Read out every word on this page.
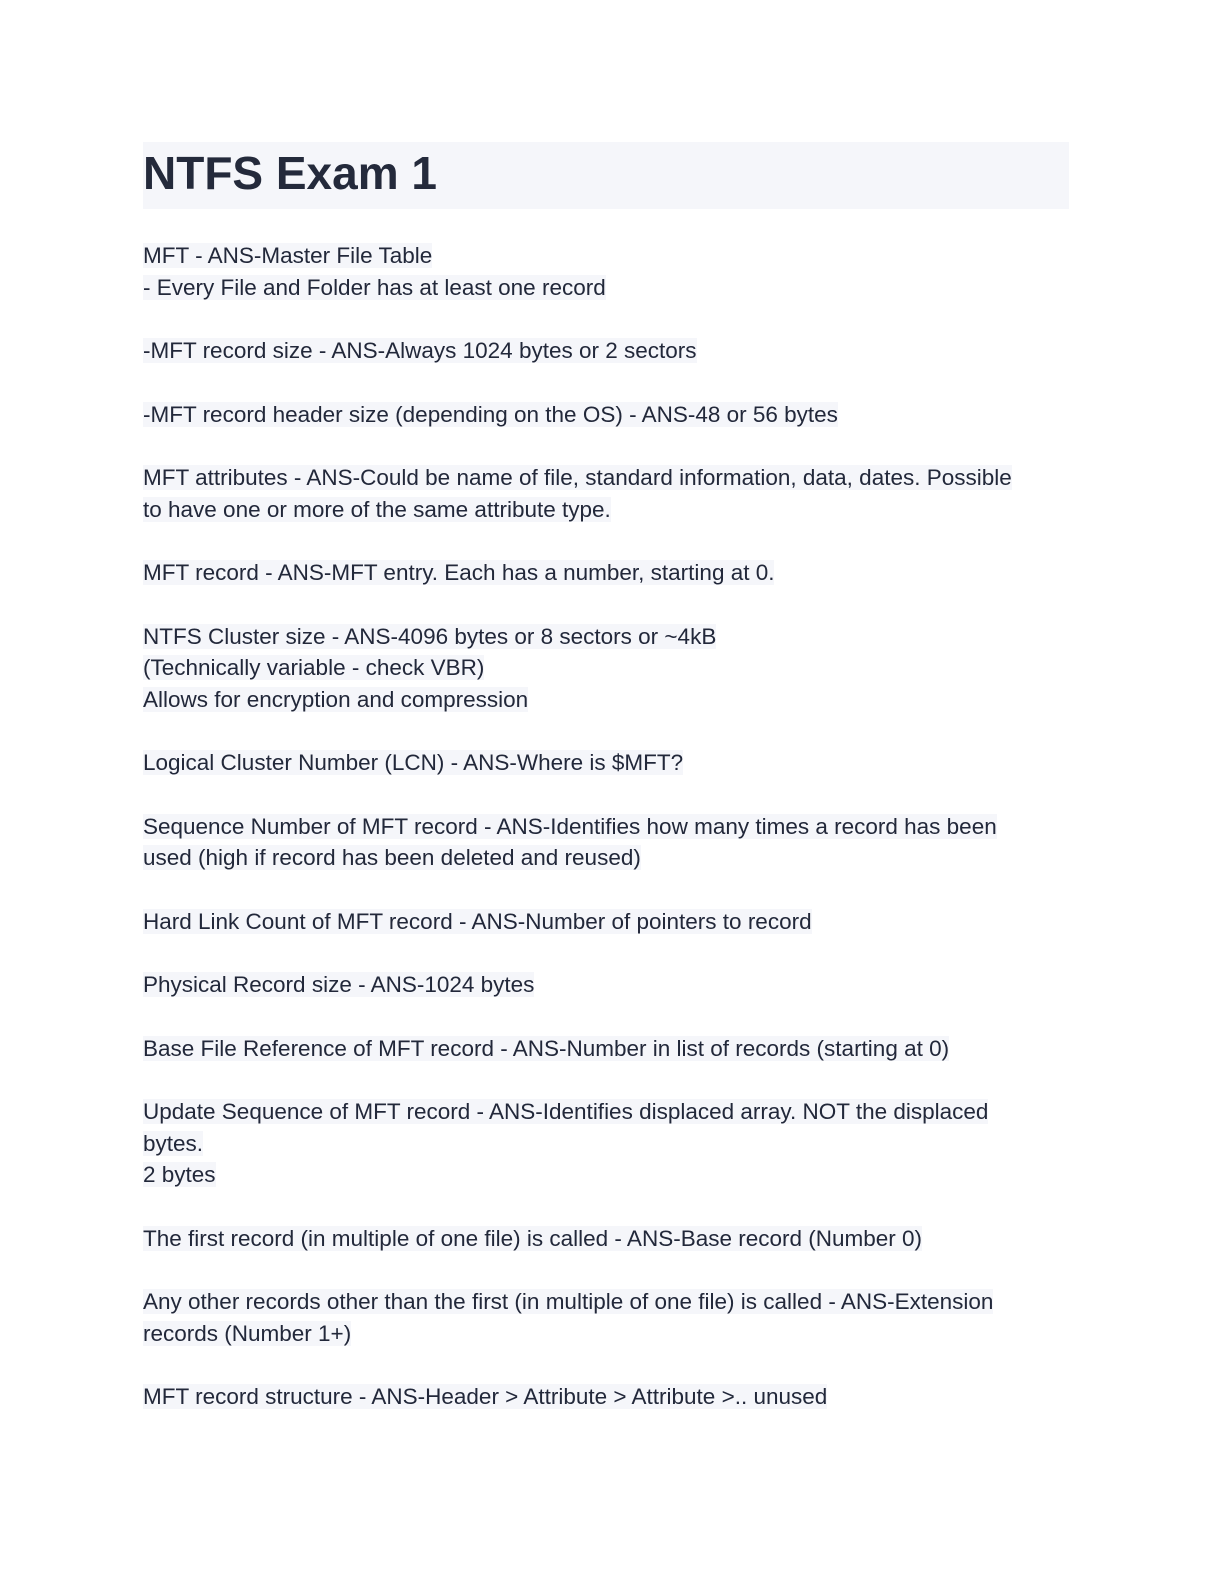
NTFS Exam 1
MFT - ANS-Master File Table
- Every File and Folder has at least one record
-MFT record size - ANS-Always 1024 bytes or 2 sectors
-MFT record header size (depending on the OS) - ANS-48 or 56 bytes
MFT attributes - ANS-Could be name of file, standard information, data, dates. Possible
to have one or more of the same attribute type.
MFT record - ANS-MFT entry. Each has a number, starting at 0.
NTFS Cluster size - ANS-4096 bytes or 8 sectors or ~4kB
(Technically variable - check VBR)
Allows for encryption and compression
Logical Cluster Number (LCN) - ANS-Where is $MFT?
Sequence Number of MFT record - ANS-Identifies how many times a record has been
used (high if record has been deleted and reused)
Hard Link Count of MFT record - ANS-Number of pointers to record
Physical Record size - ANS-1024 bytes
Base File Reference of MFT record - ANS-Number in list of records (starting at 0)
Update Sequence of MFT record - ANS-Identifies displaced array. NOT the displaced
bytes.
2 bytes
The first record (in multiple of one file) is called - ANS-Base record (Number 0)
Any other records other than the first (in multiple of one file) is called - ANS-Extension
records (Number 1+)
MFT record structure - ANS-Header > Attribute > Attribute >.. unused
